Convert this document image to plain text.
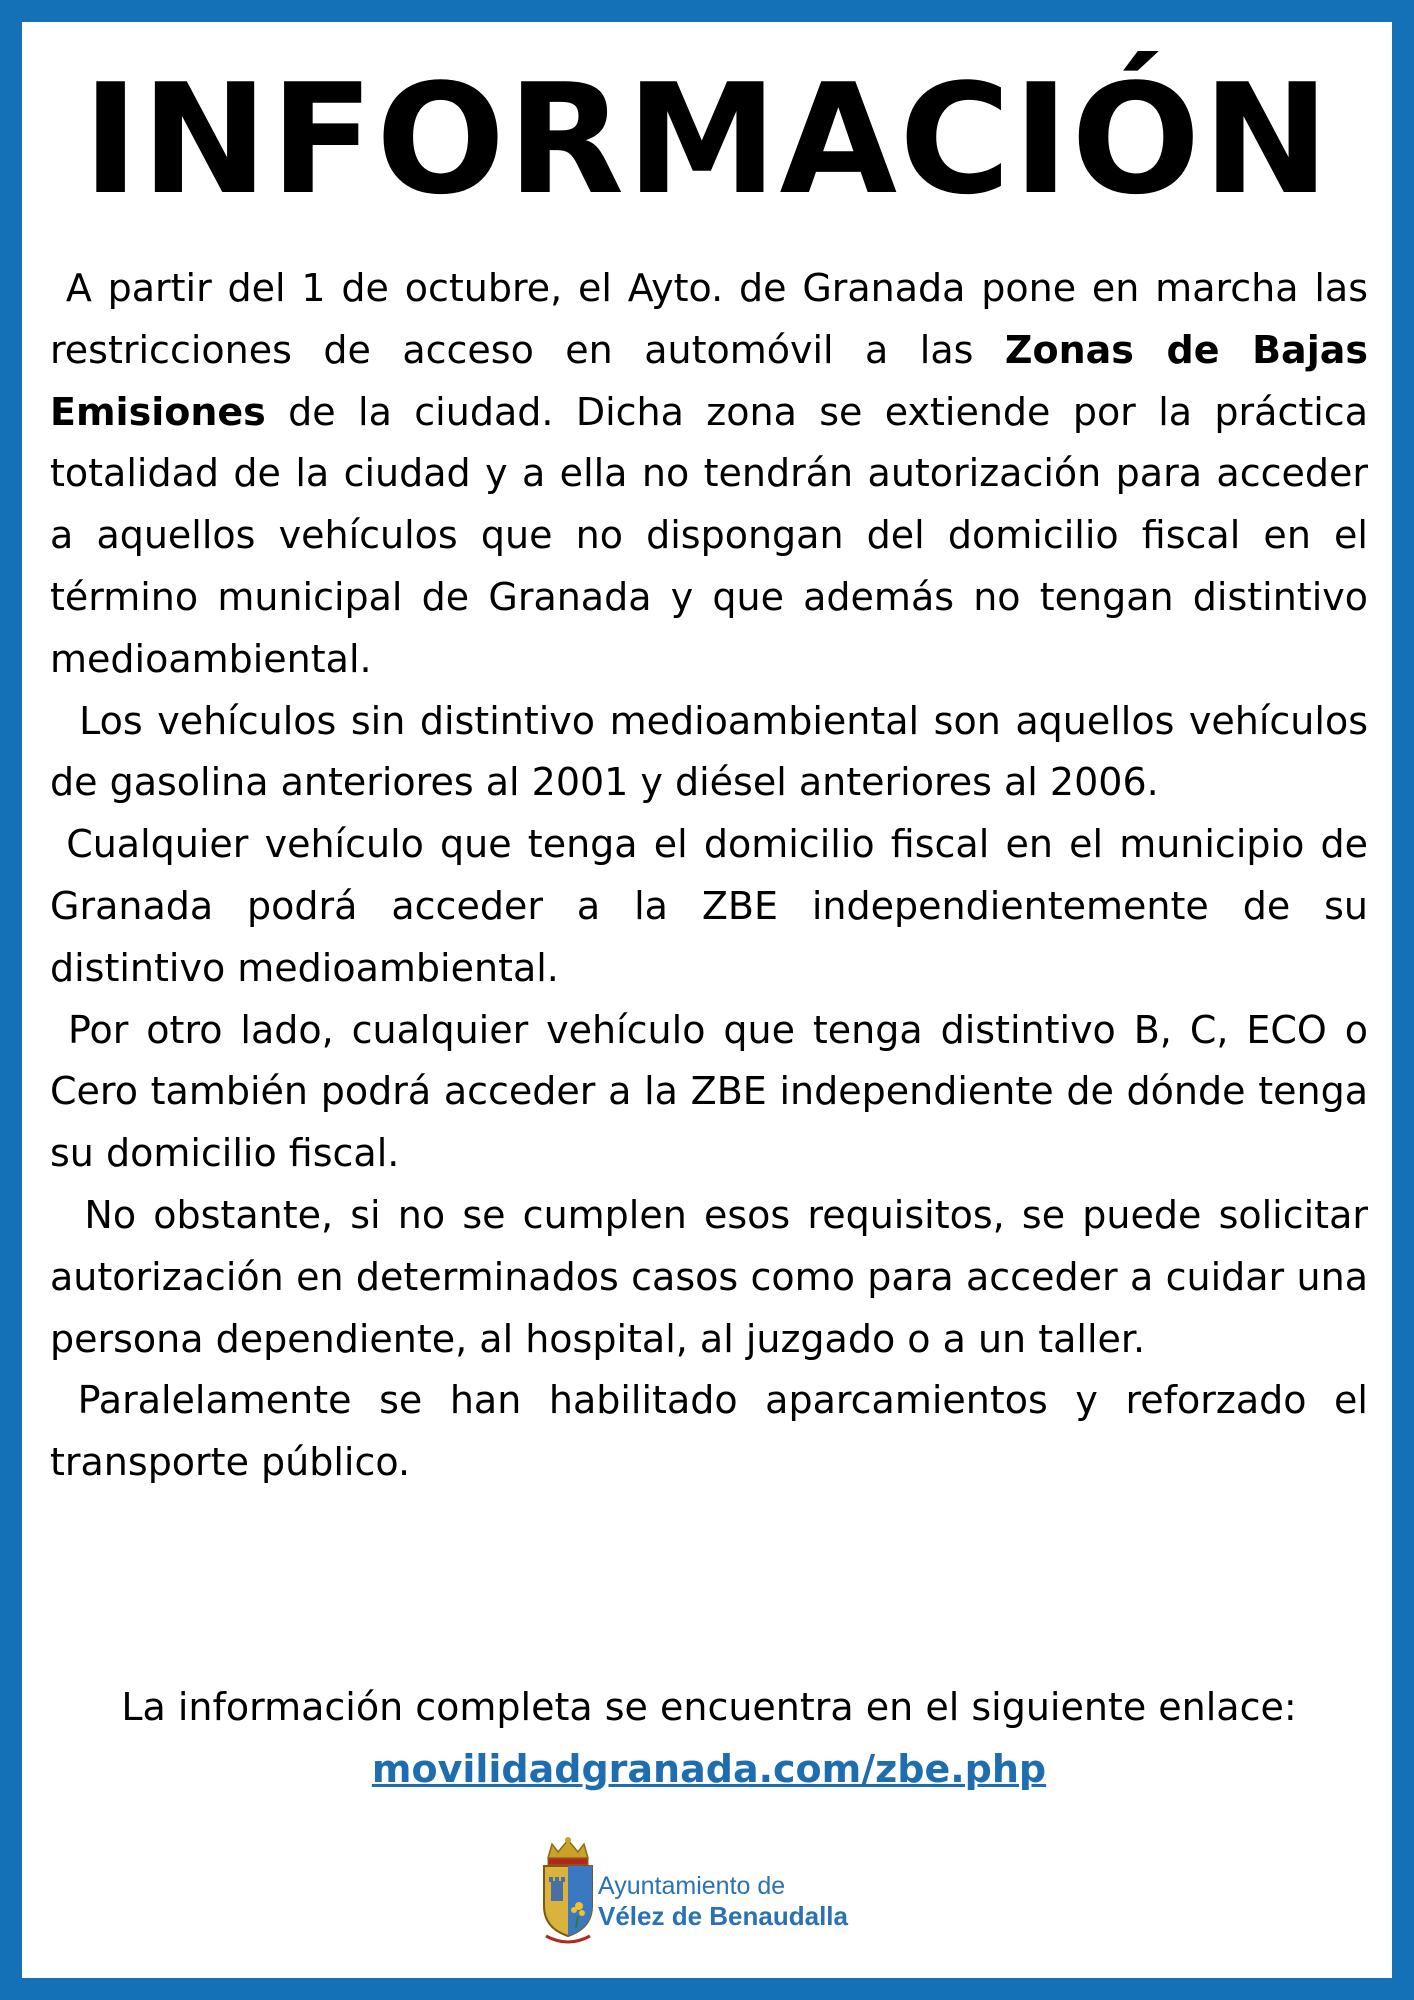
INFORMACIÓN

A partir del 1 de octubre, el Ayto. de Granada pone en marcha las restricciones de acceso en automóvil a las Zonas de Bajas Emisiones de la ciudad. Dicha zona se extiende por la práctica totalidad de la ciudad y a ella no tendrán autorización para acceder a aquellos vehículos que no dispongan del domicilio fiscal en el término municipal de Granada y que además no tengan distintivo medioambiental.

Los vehículos sin distintivo medioambiental son aquellos vehículos de gasolina anteriores al 2001 y diésel anteriores al 2006.

Cualquier vehículo que tenga el domicilio fiscal en el municipio de Granada podrá acceder a la ZBE independientemente de su distintivo medioambiental.

Por otro lado, cualquier vehículo que tenga distintivo B, C, ECO o Cero también podrá acceder a la ZBE independiente de dónde tenga su domicilio fiscal.

No obstante, si no se cumplen esos requisitos, se puede solicitar autorización en determinados casos como para acceder a cuidar una persona dependiente, al hospital, al juzgado o a un taller.

Paralelamente se han habilitado aparcamientos y reforzado el transporte público.

La información completa se encuentra en el siguiente enlace:
movilidadgranada.com/zbe.php
Ayuntamiento de
Vélez de Benaudalla
